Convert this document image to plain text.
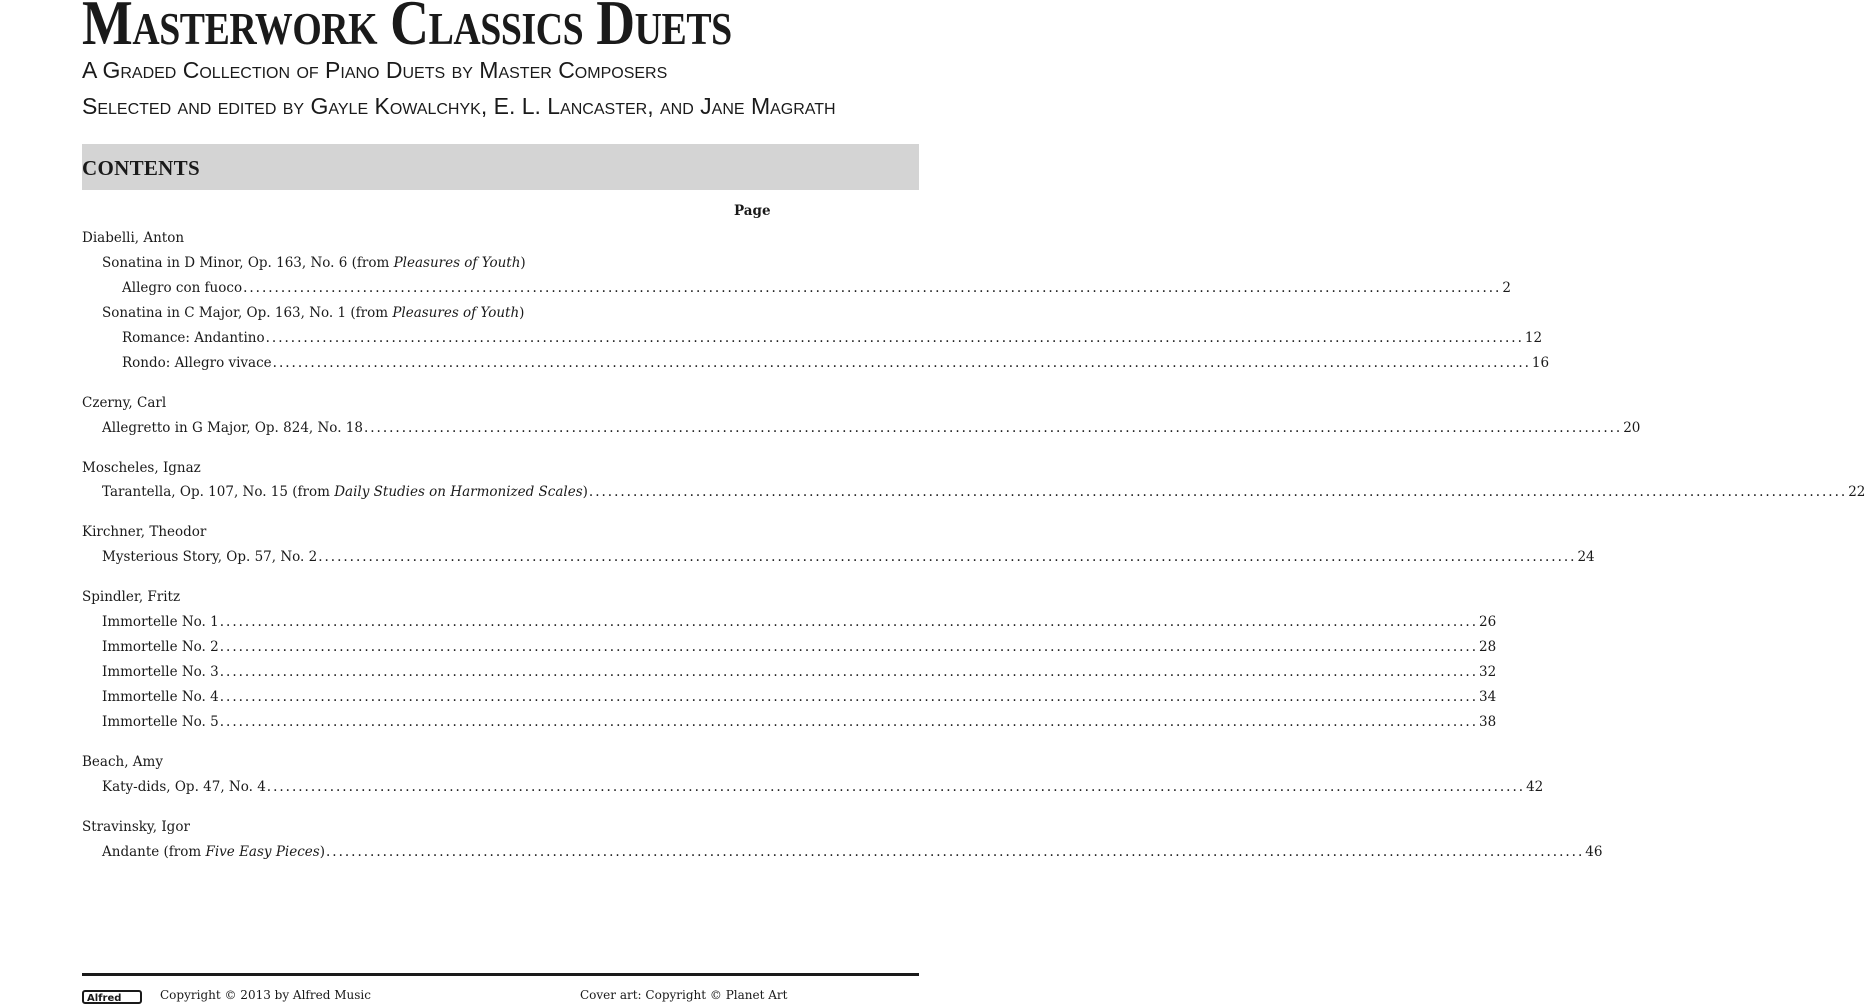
Masterwork Classics Duets

A Graded Collection of Piano Duets by Master Composers

Selected and edited by Gayle Kowalchyk, E. L. Lancaster, and Jane Magrath

CONTENTS
Page
Diabelli, Anton
Sonatina in D Minor, Op. 163, No. 6 (from Pleasures of Youth)
Allegro con fuoco ........................................................................................................................................................................................................ 2
Sonatina in C Major, Op. 163, No. 1 (from Pleasures of Youth)
Romance: Andantino ........................................................................................................................................................................................................ 12
Rondo: Allegro vivace ........................................................................................................................................................................................................ 16
Czerny, Carl
Allegretto in G Major, Op. 824, No. 18 ........................................................................................................................................................................................................ 20
Moscheles, Ignaz
Tarantella, Op. 107, No. 15 (from Daily Studies on Harmonized Scales) ........................................................................................................................................................................................................ 22
Kirchner, Theodor
Mysterious Story, Op. 57, No. 2 ........................................................................................................................................................................................................ 24
Spindler, Fritz
Immortelle No. 1 ........................................................................................................................................................................................................ 26
Immortelle No. 2 ........................................................................................................................................................................................................ 28
Immortelle No. 3 ........................................................................................................................................................................................................ 32
Immortelle No. 4 ........................................................................................................................................................................................................ 34
Immortelle No. 5 ........................................................................................................................................................................................................ 38
Beach, Amy
Katy-dids, Op. 47, No. 4 ........................................................................................................................................................................................................ 42
Stravinsky, Igor
Andante (from Five Easy Pieces) ........................................................................................................................................................................................................ 46
Alfred	Copyright © 2013 by Alfred Music	Cover art: Copyright © Planet Art
